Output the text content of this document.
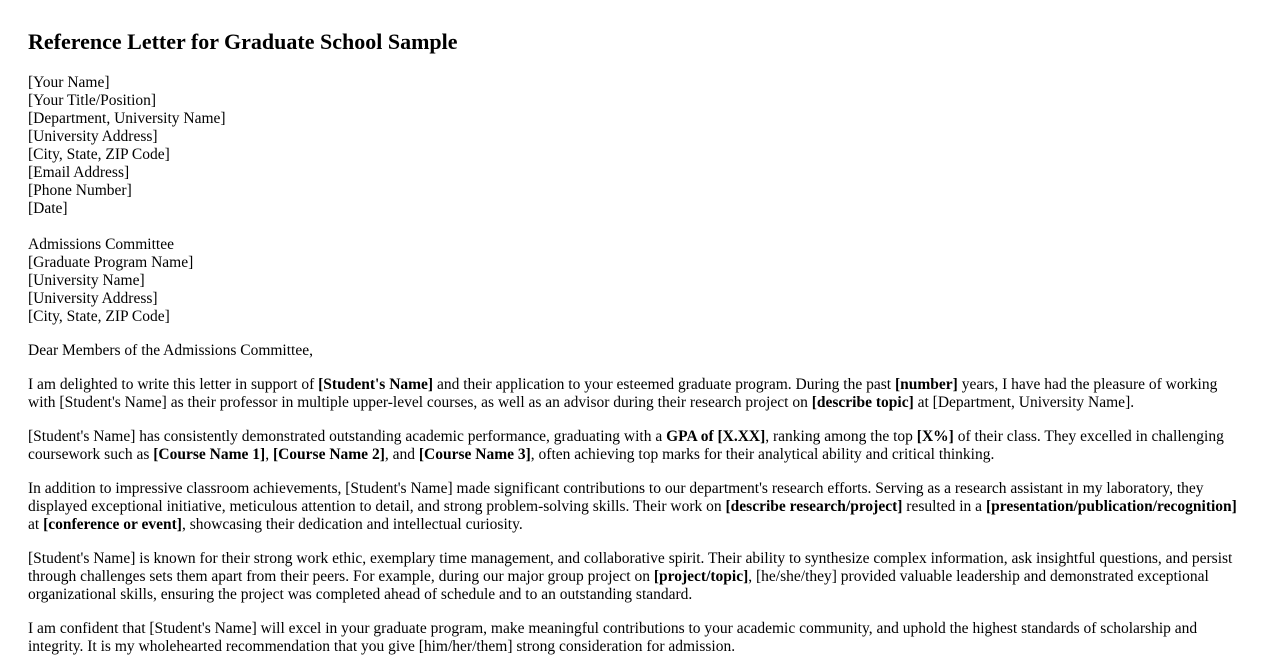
Reference Letter for Graduate School Sample
[Your Name]
[Your Title/Position]
[Department, University Name]
[University Address]
[City, State, ZIP Code]
[Email Address]
[Phone Number]
[Date]
Admissions Committee
[Graduate Program Name]
[University Name]
[University Address]
[City, State, ZIP Code]

Dear Members of the Admissions Committee,

I am delighted to write this letter in support of [Student's Name] and their application to your esteemed graduate program. During the past [number] years, I have had the pleasure of working with [Student's Name] as their professor in multiple upper-level courses, as well as an advisor during their research project on [describe topic] at [Department, University Name].

[Student's Name] has consistently demonstrated outstanding academic performance, graduating with a GPA of [X.XX], ranking among the top [X%] of their class. They excelled in challenging coursework such as [Course Name 1], [Course Name 2], and [Course Name 3], often achieving top marks for their analytical ability and critical thinking.

In addition to impressive classroom achievements, [Student's Name] made significant contributions to our department's research efforts. Serving as a research assistant in my laboratory, they displayed exceptional initiative, meticulous attention to detail, and strong problem-solving skills. Their work on [describe research/project] resulted in a [presentation/publication/recognition] at [conference or event], showcasing their dedication and intellectual curiosity.

[Student's Name] is known for their strong work ethic, exemplary time management, and collaborative spirit. Their ability to synthesize complex information, ask insightful questions, and persist through challenges sets them apart from their peers. For example, during our major group project on [project/topic], [he/she/they] provided valuable leadership and demonstrated exceptional organizational skills, ensuring the project was completed ahead of schedule and to an outstanding standard.

I am confident that [Student's Name] will excel in your graduate program, make meaningful contributions to your academic community, and uphold the highest standards of scholarship and integrity. It is my wholehearted recommendation that you give [him/her/them] strong consideration for admission.
